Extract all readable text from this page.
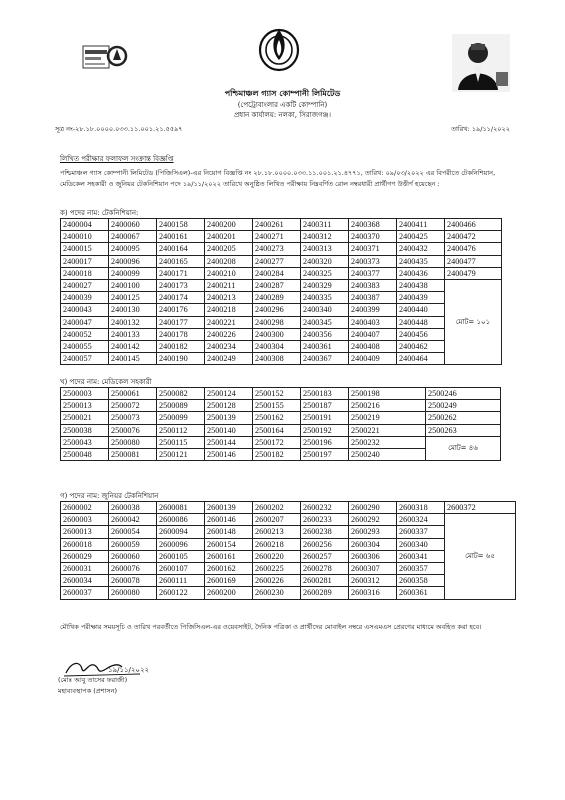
পশ্চিমাঞ্চল গ্যাস কোম্পানী লিমিটেড
(পেট্রোবাংলার একটি কোম্পানি)
প্রধান কার্যালয়: নলকা, সিরাজগঞ্জ।
সূত্র নং-২৮.১৮.০০০০.০৩৩.১১.০০১.২১.৫৫৯৭	তারিখ: ১৯/১১/২০২২
লিখিত পরীক্ষার ফলাফল সংক্রান্ত বিজ্ঞপ্তি
পশ্চিমাঞ্চল গ্যাস কোম্পানী লিমিটেড (পিজিসিএল)-এর নিয়োগ বিজ্ঞপ্তি নং ২৮.১৮.০০০০.০৩৩.১১.০০১.২১.৪৭৭১, তারিখ: ০৯/০৩/২০২২ এর বিপরীতে টেকনিশিয়ান, মেডিকেল সহকারী ও জুনিয়র টেকনিশিয়ান পদে ১৯/১১/২০২২ তারিখে অনুষ্ঠিত লিখিত পরীক্ষায় নিম্নবর্ণিত রোল নম্বরধারী প্রার্থীগণ উত্তীর্ণ হয়েছেন :
ক) পদের নাম: টেকনিশিয়ান:
2400004	2400060	2400158	2400200	2400261	2400311	2400368	2400411	2400466
2400010	2400067	2400161	2400201	2400271	2400312	2400370	2400425	2400472
2400015	2400095	2400164	2400205	2400273	2400313	2400371	2400432	2400476
2400017	2400096	2400165	2400208	2400277	2400320	2400373	2400435	2400477
2400018	2400099	2400171	2400210	2400284	2400325	2400377	2400436	2400479
2400027	2400100	2400173	2400211	2400287	2400329	2400383	2400438	মোট= ১০১
2400039	2400125	2400174	2400213	2400289	2400335	2400387	2400439	
2400043	2400130	2400176	2400218	2400296	2400340	2400399	2400440	
2400047	2400132	2400177	2400221	2400298	2400345	2400403	2400448	
2400052	2400133	2400178	2400226	2400300	2400356	2400407	2400456	
2400055	2400142	2400182	2400234	2400304	2400361	2400408	2400462	
2400057	2400145	2400190	2400249	2400308	2400367	2400409	2400464	
খ) পদের নাম: মেডিকেল সহকারী
2500003	2500061	2500082	2500124	2500152	2500183	2500198	2500246
2500013	2500072	2500089	2500128	2500155	2500187	2500216	2500249
2500021	2500073	2500099	2500139	2500162	2500191	2500219	2500262
2500038	2500076	2500112	2500140	2500164	2500192	2500221	2500263
2500043	2500080	2500115	2500144	2500172	2500196	2500232	মোট= ৪৬
2500048	2500081	2500121	2500146	2500182	2500197	2500240	
গ) পদের নাম: জুনিয়র টেকনিশিয়ান
2600002	2600038	2600081	2600139	2600202	2600232	2600290	2600318	2600372
2600003	2600042	2600086	2600146	2600207	2600233	2600292	2600324	মোট= ৬৫
2600013	2600054	2600094	2600148	2600213	2600238	2600293	2600337	
2600018	2600059	2600096	2600154	2600218	2600256	2600304	2600340	
2600029	2600060	2600105	2600161	2600220	2600257	2600306	2600341	
2600031	2600076	2600107	2600162	2600225	2600278	2600307	2600357	
2600034	2600078	2600111	2600169	2600226	2600281	2600312	2600358	
2600037	2600080	2600122	2600200	2600230	2600289	2600316	2600361	
মৌখিক পরীক্ষার সময়সূচি ও তারিখ পরবর্তীতে পিজিসিএল-এর ওয়েবসাইট, দৈনিক পত্রিকা ও প্রার্থীদের মোবাইল নম্বরে এসএমএস প্রেরণের মাধ্যমে অবহিত করা হবে।
১৯/১১/২০২২
(মোঃ আবু তাসের ফরাজী)
মহাব্যবস্থাপক (প্রশাসন)
